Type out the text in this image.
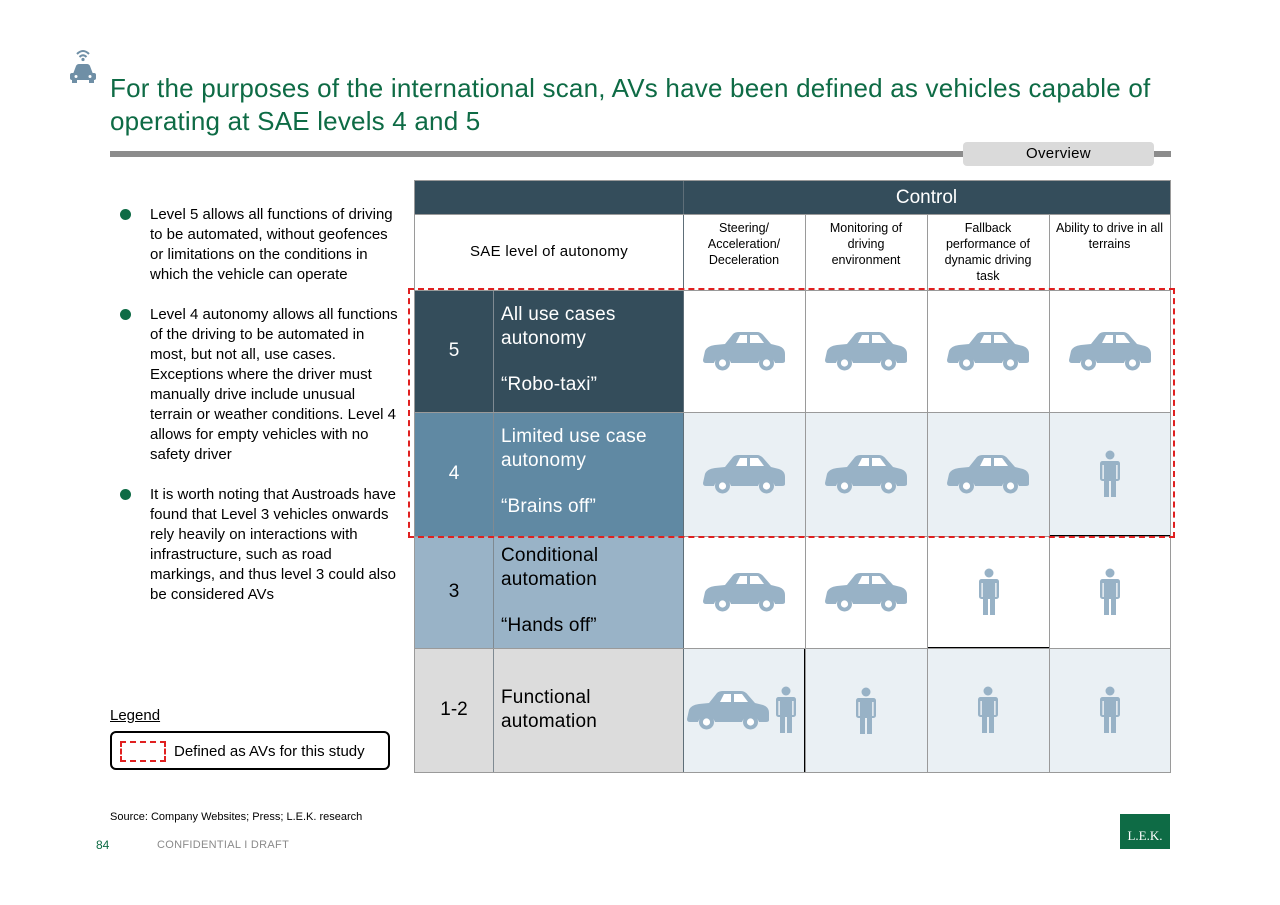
For the purposes of the international scan, AVs have been defined as vehicles capable of operating at SAE levels 4 and 5
Overview
Level 5 allows all functions of driving to be automated, without geofences or limitations on the conditions in which the vehicle can operate
Level 4 autonomy allows all functions of the driving to be automated in most, but not all, use cases. Exceptions where the driver must manually drive include unusual terrain or weather conditions. Level 4 allows for empty vehicles with no safety driver
It is worth noting that Austroads have found that Level 3 vehicles onwards rely heavily on interactions with infrastructure, such as road markings, and thus level 3 could also be considered AVs
Legend
Defined as AVs for this study
Control
SAE level of autonomy
Steering/ Acceleration/ Deceleration
Monitoring of driving environment
Fallback performance of dynamic driving task
Ability to drive in all terrains
5
All use cases autonomy
“Robo-taxi”
4
Limited use case autonomy
“Brains off”
3
Conditional automation
“Hands off”
1-2
Functional automation
Source: Company Websites; Press; L.E.K. research
84	CONFIDENTIAL I DRAFT
L.E.K.
